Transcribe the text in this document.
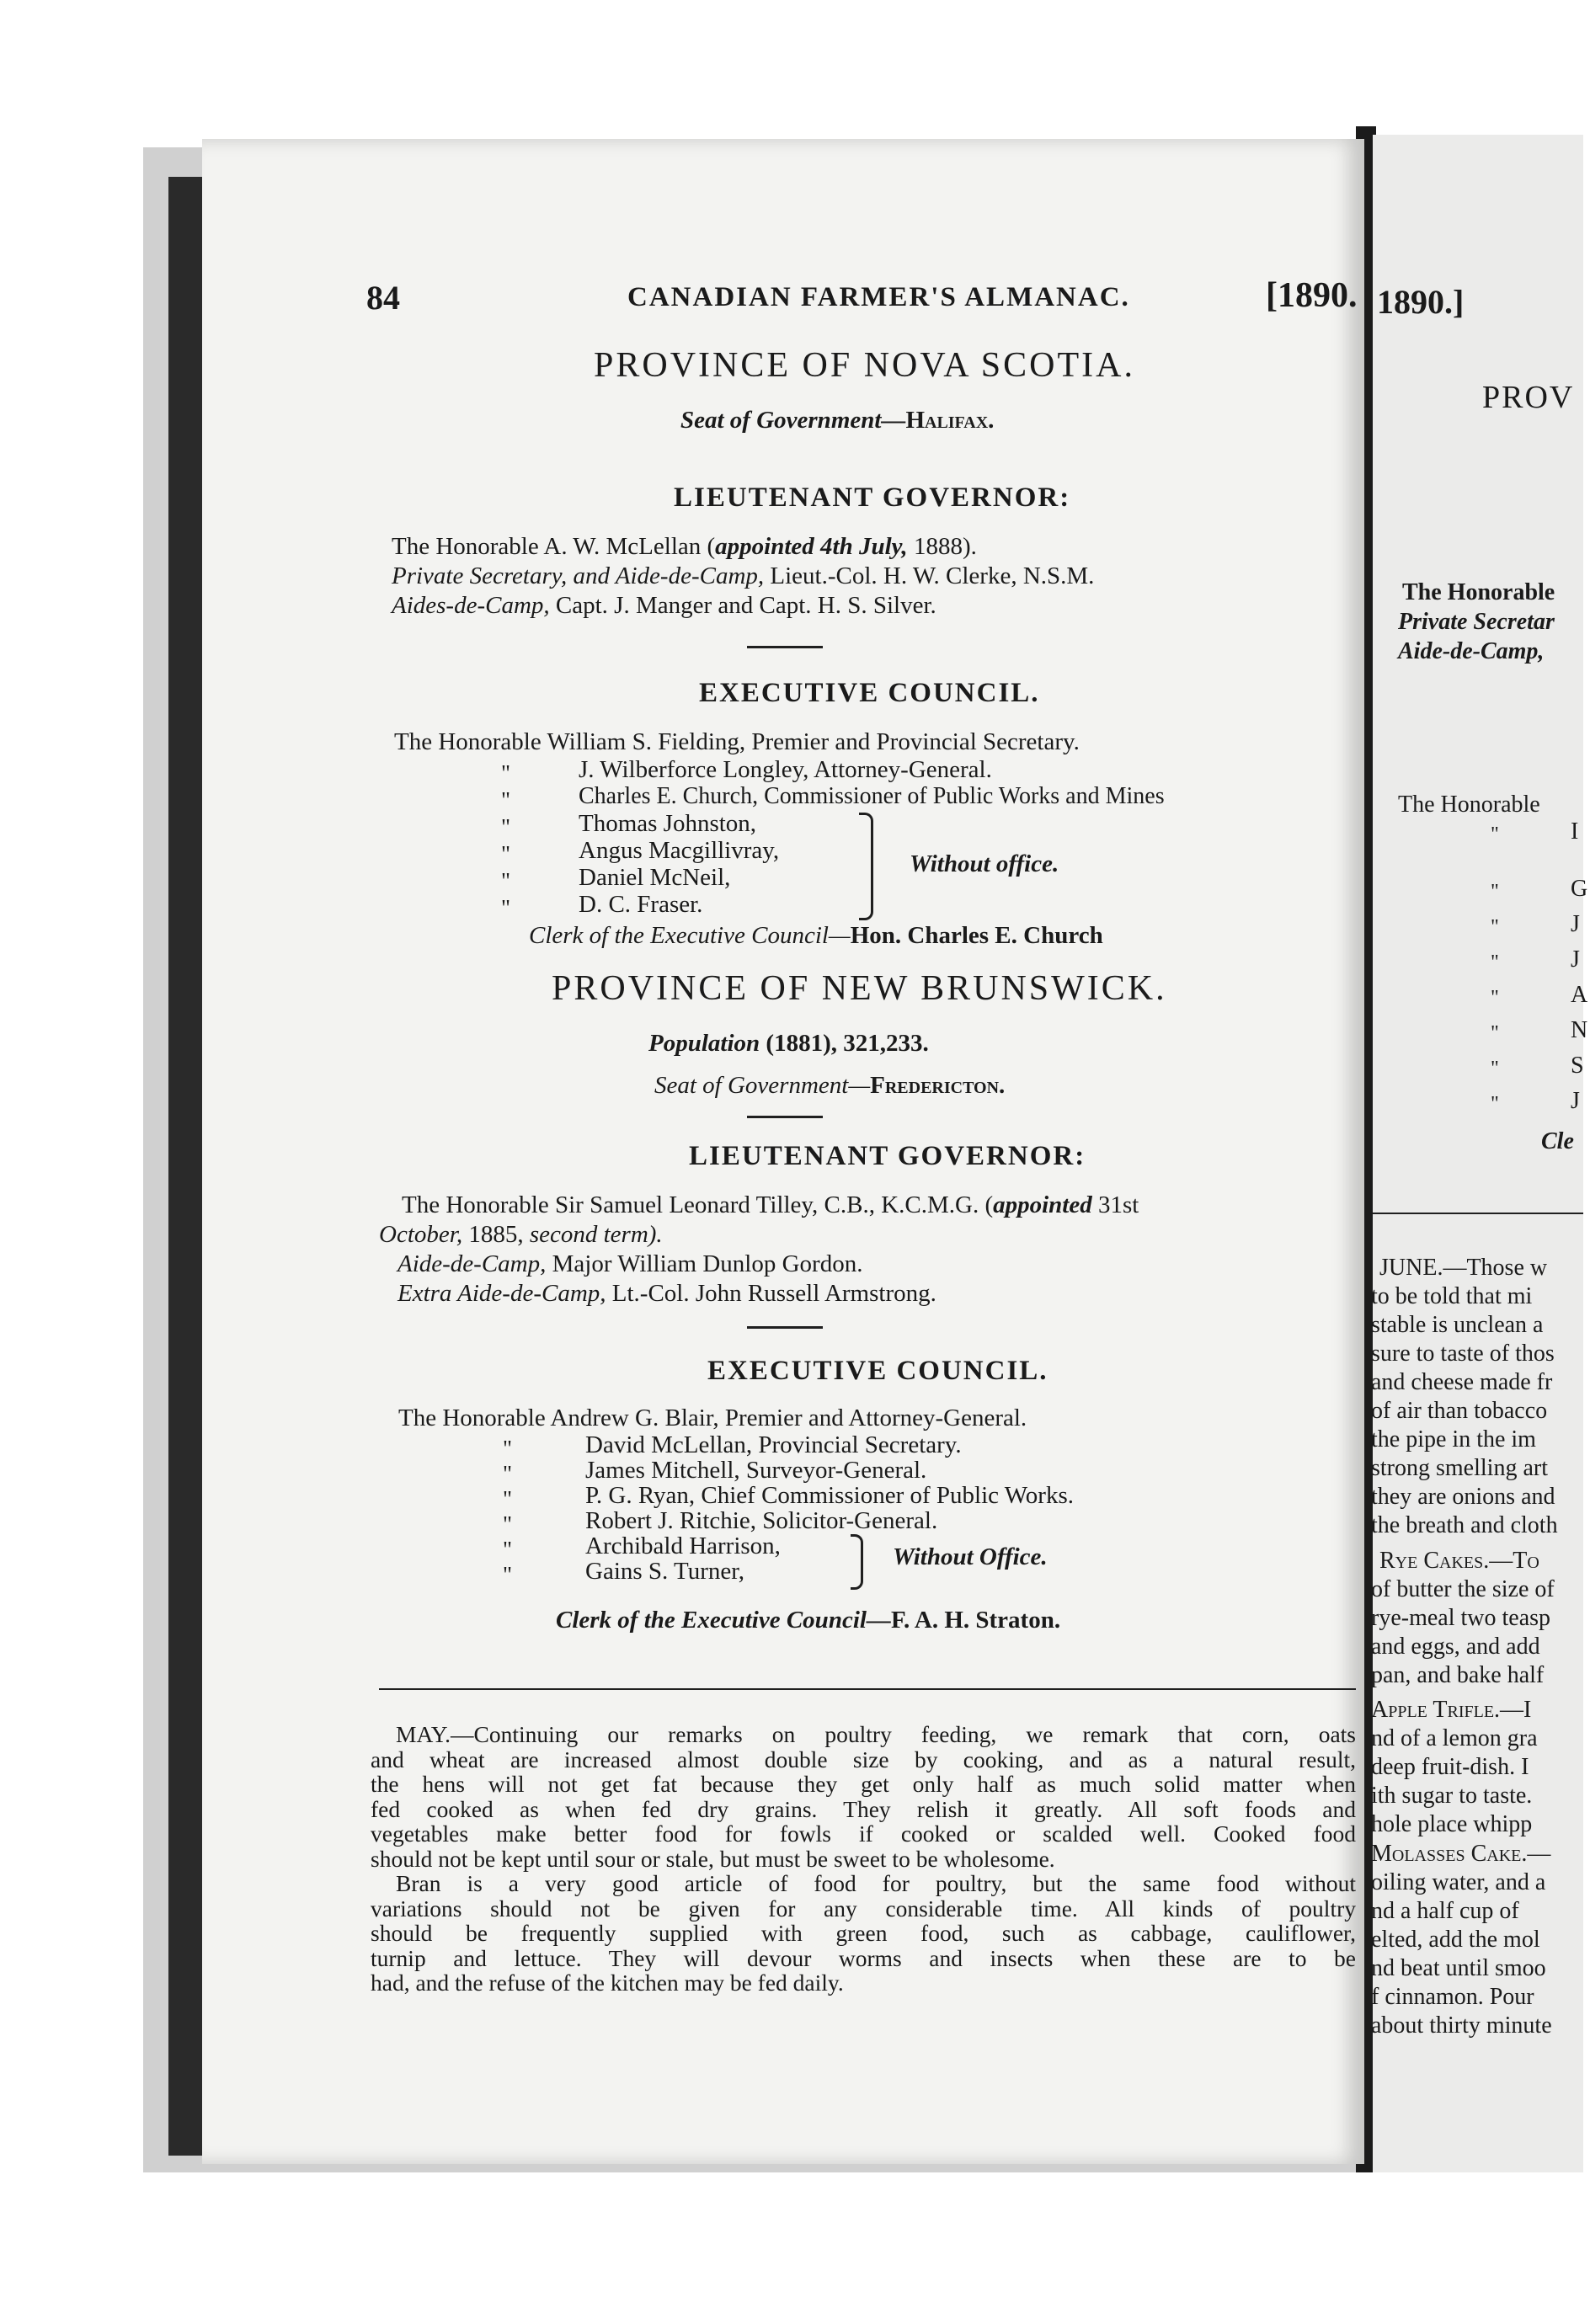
84	CANADIAN FARMER'S ALMANAC.	[1890.
PROVINCE OF NOVA SCOTIA.
Seat of Government—Halifax.
LIEUTENANT GOVERNOR:
The Honorable A. W. McLellan (appointed 4th July, 1888).
Private Secretary, and Aide-de-Camp, Lieut.-Col. H. W. Clerke, N.S.M.
Aides-de-Camp, Capt. J. Manger and Capt. H. S. Silver.
EXECUTIVE COUNCIL.
The Honorable William S. Fielding, Premier and Provincial Secretary.
"	J. Wilberforce Longley, Attorney-General.
"	Charles E. Church, Commissioner of Public Works and Mines
"	Thomas Johnston,
"	Angus Macgillivray,
"	Daniel McNeil,
"	D. C. Fraser.
Without office.
Clerk of the Executive Council—Hon. Charles E. Church
PROVINCE OF NEW BRUNSWICK.
Population (1881), 321,233.
Seat of Government—Fredericton.
LIEUTENANT GOVERNOR:
The Honorable Sir Samuel Leonard Tilley, C.B., K.C.M.G. (appointed 31st
October, 1885, second term).
Aide-de-Camp, Major William Dunlop Gordon.
Extra Aide-de-Camp, Lt.-Col. John Russell Armstrong.
EXECUTIVE COUNCIL.
The Honorable Andrew G. Blair, Premier and Attorney-General.
"	David McLellan, Provincial Secretary.
"	James Mitchell, Surveyor-General.
"	P. G. Ryan, Chief Commissioner of Public Works.
"	Robert J. Ritchie, Solicitor-General.
"	Archibald Harrison,
"	Gains S. Turner,
Without Office.
Clerk of the Executive Council—F. A. H. Straton.
MAY.—Continuing our remarks on poultry feeding, we remark that corn, oats
and wheat are increased almost double size by cooking, and as a natural result,
the hens will not get fat because they get only half as much solid matter when
fed cooked as when fed dry grains. They relish it greatly. All soft foods and
vegetables make better food for fowls if cooked or scalded well. Cooked food
should not be kept until sour or stale, but must be sweet to be wholesome.
Bran is a very good article of food for poultry, but the same food without
variations should not be given for any considerable time. All kinds of poultry
should be frequently supplied with green food, such as cabbage, cauliflower,
turnip and lettuce. They will devour worms and insects when these are to be
had, and the refuse of the kitchen may be fed daily.
1890.]
PROV
The Honorable
Private Secretar
Aide-de-Camp,
The Honorable
"	I
"	G
"	J
"	J
"	A
"	N
"	S
"	J
Cle
JUNE.—Those w
to be told that mi
stable is unclean a
sure to taste of thos
and cheese made fr
of air than tobacco
the pipe in the im
strong smelling art
they are onions and
the breath and cloth
Rye Cakes.—To
of butter the size of
rye-meal two teasp
and eggs, and add
pan, and bake half
Apple Trifle.—I
nd of a lemon gra
deep fruit-dish. I
ith sugar to taste.
hole place whipp
Molasses Cake.—
oiling water, and a
nd a half cup of
elted, add the mol
nd beat until smoo
f cinnamon. Pour
about thirty minute
